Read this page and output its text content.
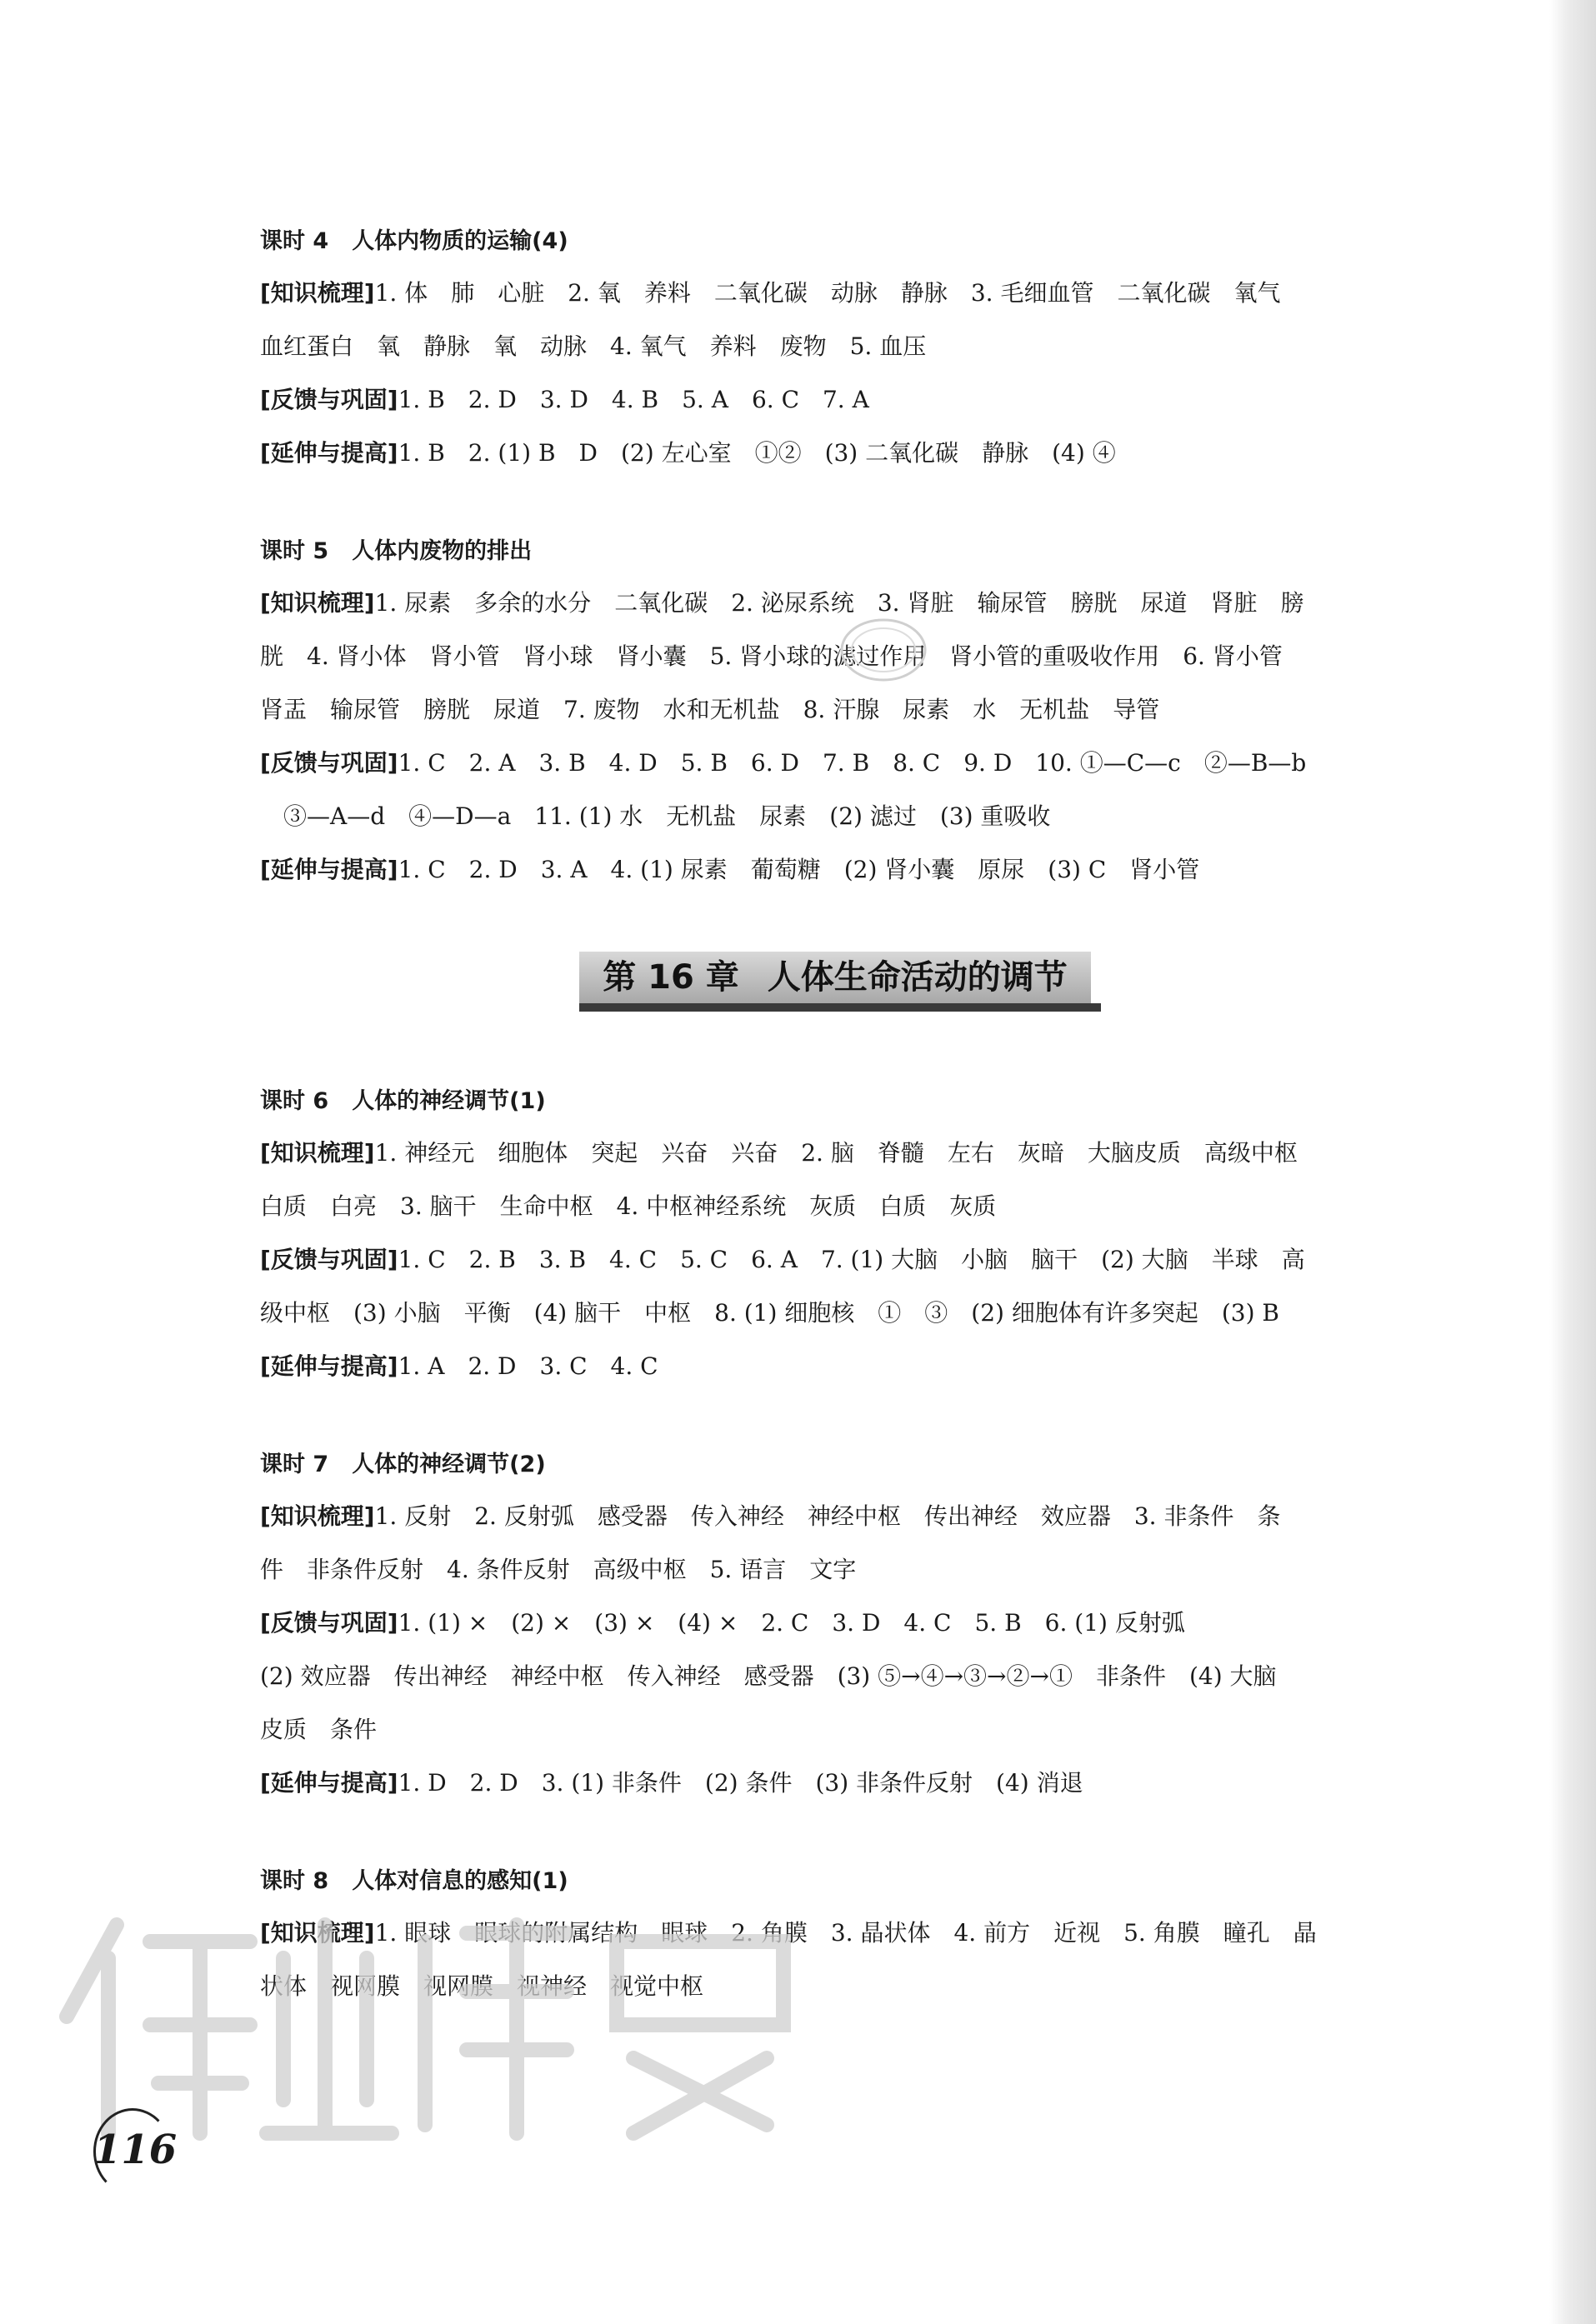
课时 4 人体内物质的运输(4)
[知识梳理]1. 体　肺　心脏　2. 氧　养料　二氧化碳　动脉　静脉　3. 毛细血管　二氧化碳　氧气
血红蛋白　氧　静脉　氧　动脉　4. 氧气　养料　废物　5. 血压
[反馈与巩固]1. B　2. D　3. D　4. B　5. A　6. C　7. A
[延伸与提高]1. B　2. (1) B　D　(2) 左心室　①②　(3) 二氧化碳　静脉　(4) ④
课时 5 人体内废物的排出
[知识梳理]1. 尿素　多余的水分　二氧化碳　2. 泌尿系统　3. 肾脏　输尿管　膀胱　尿道　肾脏　膀
胱　4. 肾小体　肾小管　肾小球　肾小囊　5. 肾小球的滤过作用　肾小管的重吸收作用　6. 肾小管
肾盂　输尿管　膀胱　尿道　7. 废物　水和无机盐　8. 汗腺　尿素　水　无机盐　导管
[反馈与巩固]1. C　2. A　3. B　4. D　5. B　6. D　7. B　8. C　9. D　10. ①—C—c　②—B—b
　③—A—d　④—D—a　11. (1) 水　无机盐　尿素　(2) 滤过　(3) 重吸收
[延伸与提高]1. C　2. D　3. A　4. (1) 尿素　葡萄糖　(2) 肾小囊　原尿　(3) C　肾小管
第 16 章 人体生命活动的调节
课时 6 人体的神经调节(1)
[知识梳理]1. 神经元　细胞体　突起　兴奋　兴奋　2. 脑　脊髓　左右　灰暗　大脑皮质　高级中枢
白质　白亮　3. 脑干　生命中枢　4. 中枢神经系统　灰质　白质　灰质
[反馈与巩固]1. C　2. B　3. B　4. C　5. C　6. A　7. (1) 大脑　小脑　脑干　(2) 大脑　半球　高
级中枢　(3) 小脑　平衡　(4) 脑干　中枢　8. (1) 细胞核　①　③　(2) 细胞体有许多突起　(3) B
[延伸与提高]1. A　2. D　3. C　4. C
课时 7 人体的神经调节(2)
[知识梳理]1. 反射　2. 反射弧　感受器　传入神经　神经中枢　传出神经　效应器　3. 非条件　条
件　非条件反射　4. 条件反射　高级中枢　5. 语言　文字
[反馈与巩固]1. (1) ×　(2) ×　(3) ×　(4) ×　2. C　3. D　4. C　5. B　6. (1) 反射弧
(2) 效应器　传出神经　神经中枢　传入神经　感受器　(3) ⑤→④→③→②→①　非条件　(4) 大脑
皮质　条件
[延伸与提高]1. D　2. D　3. (1) 非条件　(2) 条件　(3) 非条件反射　(4) 消退
课时 8 人体对信息的感知(1)
[知识梳理]1. 眼球　眼球的附属结构　眼球　2. 角膜　3. 晶状体　4. 前方　近视　5. 角膜　瞳孔　晶
状体　视网膜　视网膜　视神经　视觉中枢
116
